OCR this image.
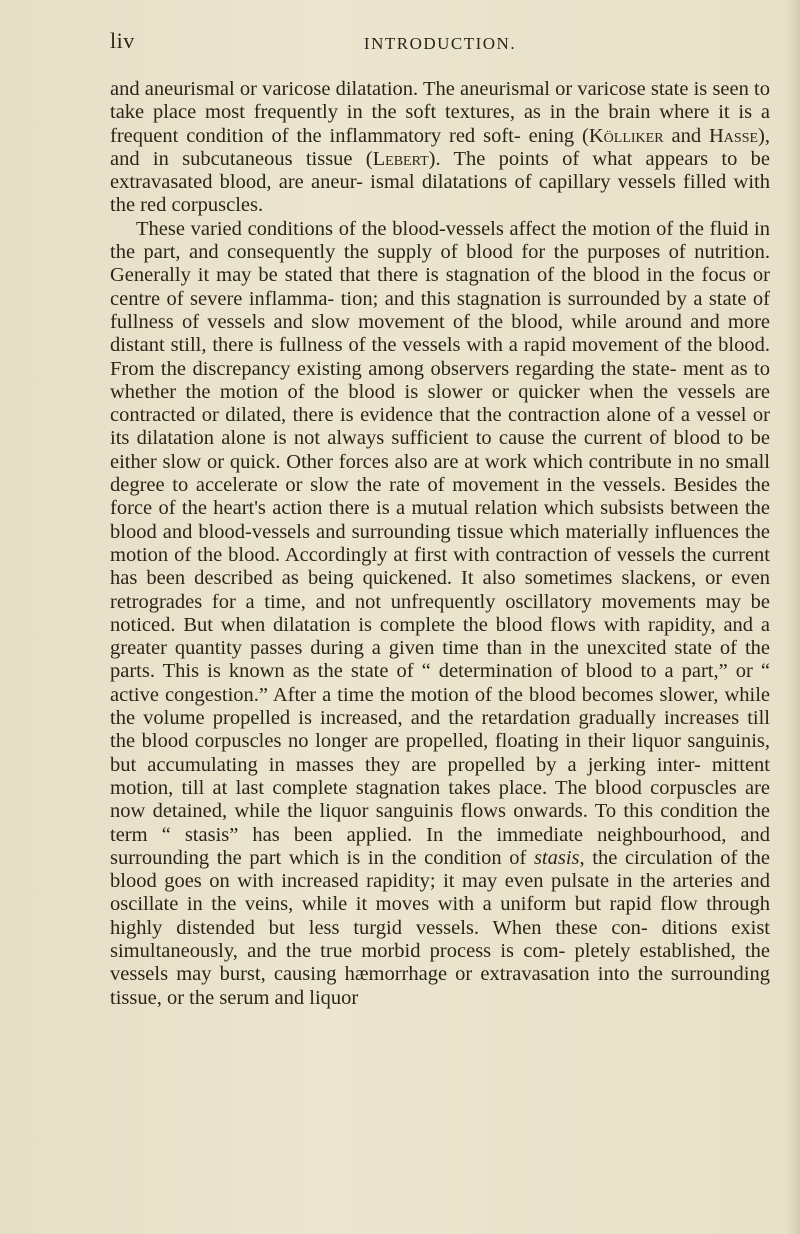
liv	INTRODUCTION.

and aneurismal or varicose dilatation. The aneurismal or varicose state is seen to take place most frequently in the soft textures, as in the brain where it is a frequent condition of the inflammatory red soft- ening (Kölliker and Hasse), and in subcutaneous tissue (Lebert). The points of what appears to be extravasated blood, are aneur- ismal dilatations of capillary vessels filled with the red corpuscles.

These varied conditions of the blood-vessels affect the motion of the fluid in the part, and consequently the supply of blood for the purposes of nutrition. Generally it may be stated that there is stagnation of the blood in the focus or centre of severe inflamma- tion; and this stagnation is surrounded by a state of fullness of vessels and slow movement of the blood, while around and more distant still, there is fullness of the vessels with a rapid movement of the blood. From the discrepancy existing among observers regarding the state- ment as to whether the motion of the blood is slower or quicker when the vessels are contracted or dilated, there is evidence that the contraction alone of a vessel or its dilatation alone is not always sufficient to cause the current of blood to be either slow or quick. Other forces also are at work which contribute in no small degree to accelerate or slow the rate of movement in the vessels. Besides the force of the heart's action there is a mutual relation which subsists between the blood and blood-vessels and surrounding tissue which materially influences the motion of the blood. Accordingly at first with contraction of vessels the current has been described as being quickened. It also sometimes slackens, or even retrogrades for a time, and not unfrequently oscillatory movements may be noticed. But when dilatation is complete the blood flows with rapidity, and a greater quantity passes during a given time than in the unexcited state of the parts. This is known as the state of “ determination of blood to a part,” or “ active congestion.” After a time the motion of the blood becomes slower, while the volume propelled is increased, and the retardation gradually increases till the blood corpuscles no longer are propelled, floating in their liquor sanguinis, but accumulating in masses they are propelled by a jerking inter- mittent motion, till at last complete stagnation takes place. The blood corpuscles are now detained, while the liquor sanguinis flows onwards. To this condition the term “ stasis” has been applied. In the immediate neighbourhood, and surrounding the part which is in the condition of stasis, the circulation of the blood goes on with increased rapidity; it may even pulsate in the arteries and oscillate in the veins, while it moves with a uniform but rapid flow through highly distended but less turgid vessels. When these con- ditions exist simultaneously, and the true morbid process is com- pletely established, the vessels may burst, causing hæmorrhage or extravasation into the surrounding tissue, or the serum and liquor
